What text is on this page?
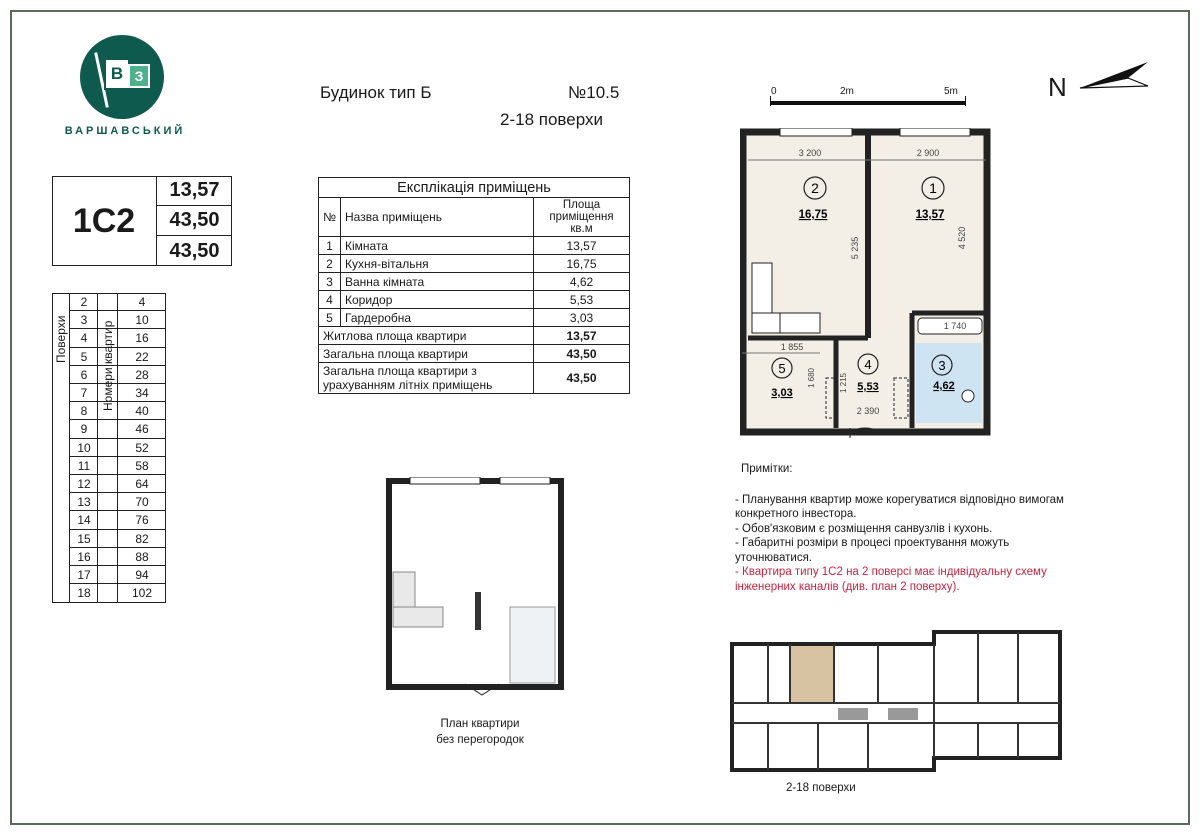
В З
ВАРШАВСЬКИЙ
1С2
13,57
43,50
43,50
Поверхи	Номери квартир
2	4
3	10
4	16
5	22
6	28
7	34
8	40
9	46
10	52
11	58
12	64
13	70
14	76
15	82
16	88
17	94
18	102
Будинок тип Б	№10.5
2-18 поверхи
Експлікація приміщень		
№	Назва приміщень	Площа приміщення кв.м
1	Кімната	13,57
2	Кухня-вітальня	16,75
3	Ванна кімната	4,62
4	Коридор	5,53
5	Гардеробна	3,03
Житлова площа квартири		13,57
Загальна площа квартири		43,50
Загальна площа квартири з урахуванням літніх приміщень		43,50
0	2m	5m	N
2	1
3
4
5
16,75	13,57
4,62
5,53
3,03
3 200	2 900
5 235	4 520
1 740
1 855
2 390
1 680	1 215
План квартири
без перегородок
Примітки:
- Планування квартир може корегуватися відповідно вимогам конкретного інвестора.
- Обов'язковим є розміщення санвузлів і кухонь.
- Габаритні розміри в процесі проектування можуть уточнюватися.
- Квартира типу 1С2 на 2 поверсі має індивідуальну схему інженерних каналів (див. план 2 поверху).
2-18 поверхи
